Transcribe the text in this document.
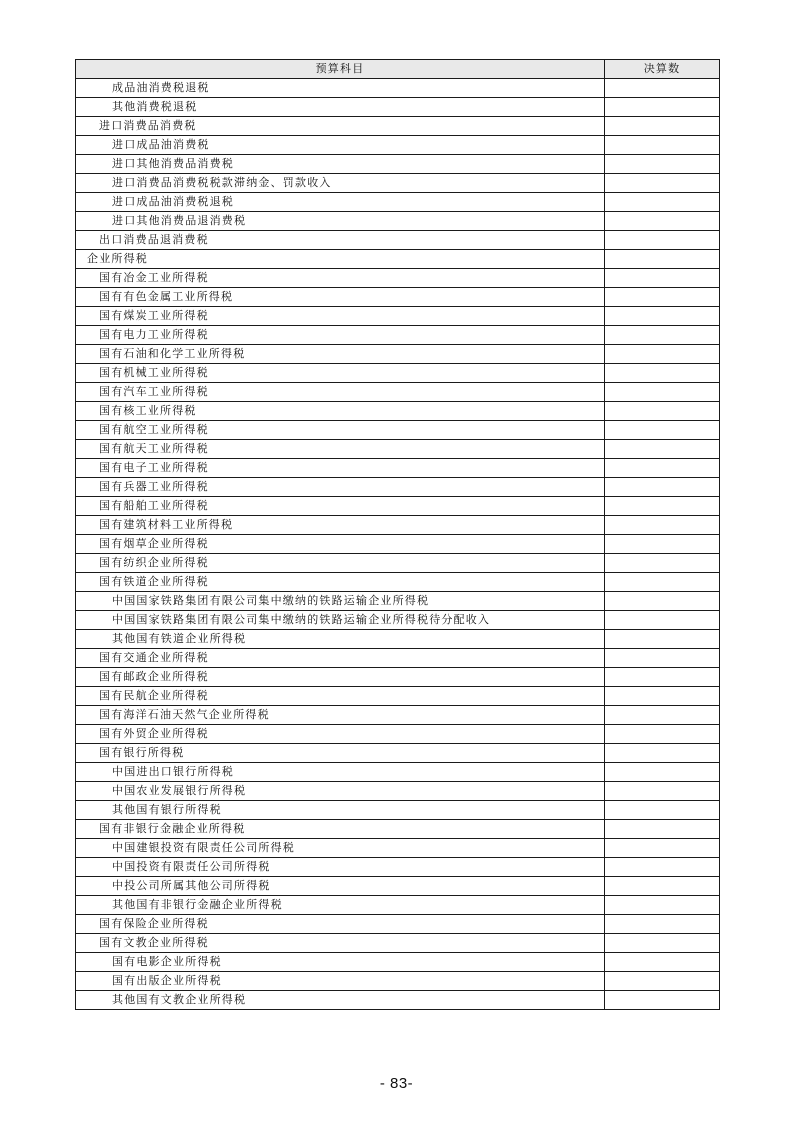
预算科目	决算数
成品油消费税退税	
其他消费税退税	
进口消费品消费税	
进口成品油消费税	
进口其他消费品消费税	
进口消费品消费税税款滞纳金、罚款收入	
进口成品油消费税退税	
进口其他消费品退消费税	
出口消费品退消费税	
企业所得税	
国有冶金工业所得税	
国有有色金属工业所得税	
国有煤炭工业所得税	
国有电力工业所得税	
国有石油和化学工业所得税	
国有机械工业所得税	
国有汽车工业所得税	
国有核工业所得税	
国有航空工业所得税	
国有航天工业所得税	
国有电子工业所得税	
国有兵器工业所得税	
国有船舶工业所得税	
国有建筑材料工业所得税	
国有烟草企业所得税	
国有纺织企业所得税	
国有铁道企业所得税	
中国国家铁路集团有限公司集中缴纳的铁路运输企业所得税	
中国国家铁路集团有限公司集中缴纳的铁路运输企业所得税待分配收入	
其他国有铁道企业所得税	
国有交通企业所得税	
国有邮政企业所得税	
国有民航企业所得税	
国有海洋石油天然气企业所得税	
国有外贸企业所得税	
国有银行所得税	
中国进出口银行所得税	
中国农业发展银行所得税	
其他国有银行所得税	
国有非银行金融企业所得税	
中国建银投资有限责任公司所得税	
中国投资有限责任公司所得税	
中投公司所属其他公司所得税	
其他国有非银行金融企业所得税	
国有保险企业所得税	
国有文教企业所得税	
国有电影企业所得税	
国有出版企业所得税	
其他国有文教企业所得税	
- 83-
